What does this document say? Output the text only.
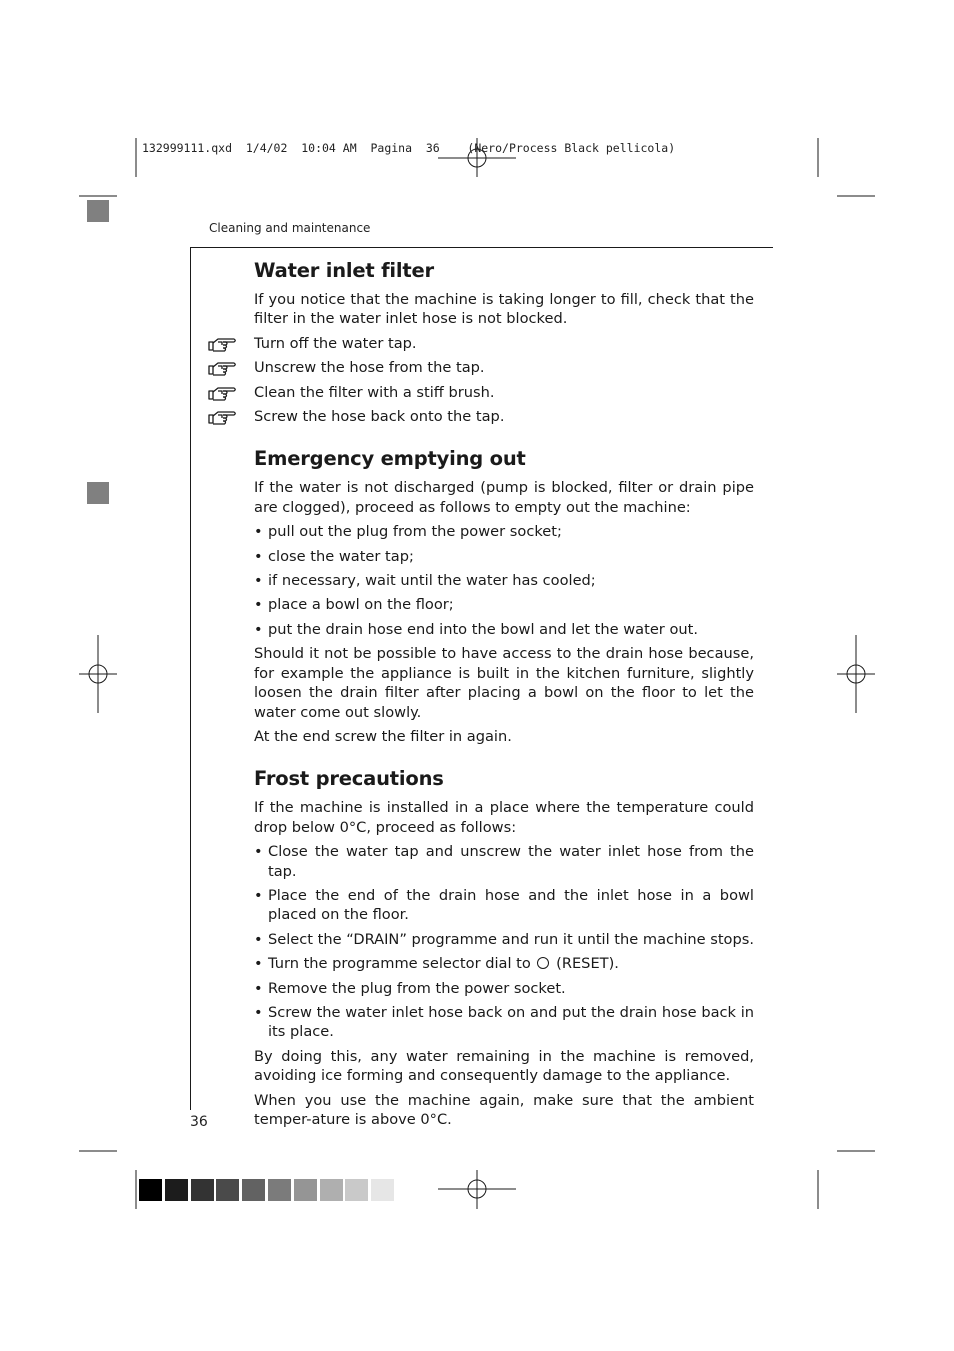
132999111.qxd  1/4/02  10:04 AM  Pagina  36    (Nero/Process Black pellicola)
Cleaning and maintenance
Water inlet filter

If you notice that the machine is taking longer to fill, check that the filter in the water inlet hose is not blocked.

Turn off the water tap.
Unscrew the hose from the tap.
Clean the filter with a stiff brush.
Screw the hose back onto the tap.
Emergency emptying out

If the water is not discharged (pump is blocked, filter or drain pipe are clogged), proceed as follows to empty out the machine:

• pull out the plug from the power socket;
• close the water tap;
• if necessary, wait until the water has cooled;
• place a bowl on the floor;
• put the drain hose end into the bowl and let the water out.

Should it not be possible to have access to the drain hose because, for example the appliance is built in the kitchen furniture, slightly loosen the drain filter after placing a bowl on the floor to let the water come out slowly.

At the end screw the filter in again.

Frost precautions

If the machine is installed in a place where the temperature could drop below 0°C, proceed as follows:

• Close the water tap and unscrew the water inlet hose from the tap.
• Place the end of the drain hose and the inlet hose in a bowl placed on the floor.
• Select the “DRAIN” programme and run it until the machine stops.
• Turn the programme selector dial to (RESET).
• Remove the plug from the power socket.
• Screw the water inlet hose back on and put the drain hose back in its place.

By doing this, any water remaining in the machine is removed, avoiding ice forming and consequently damage to the appliance.

When you use the machine again, make sure that the ambient temper-ature is above 0°C.

36
